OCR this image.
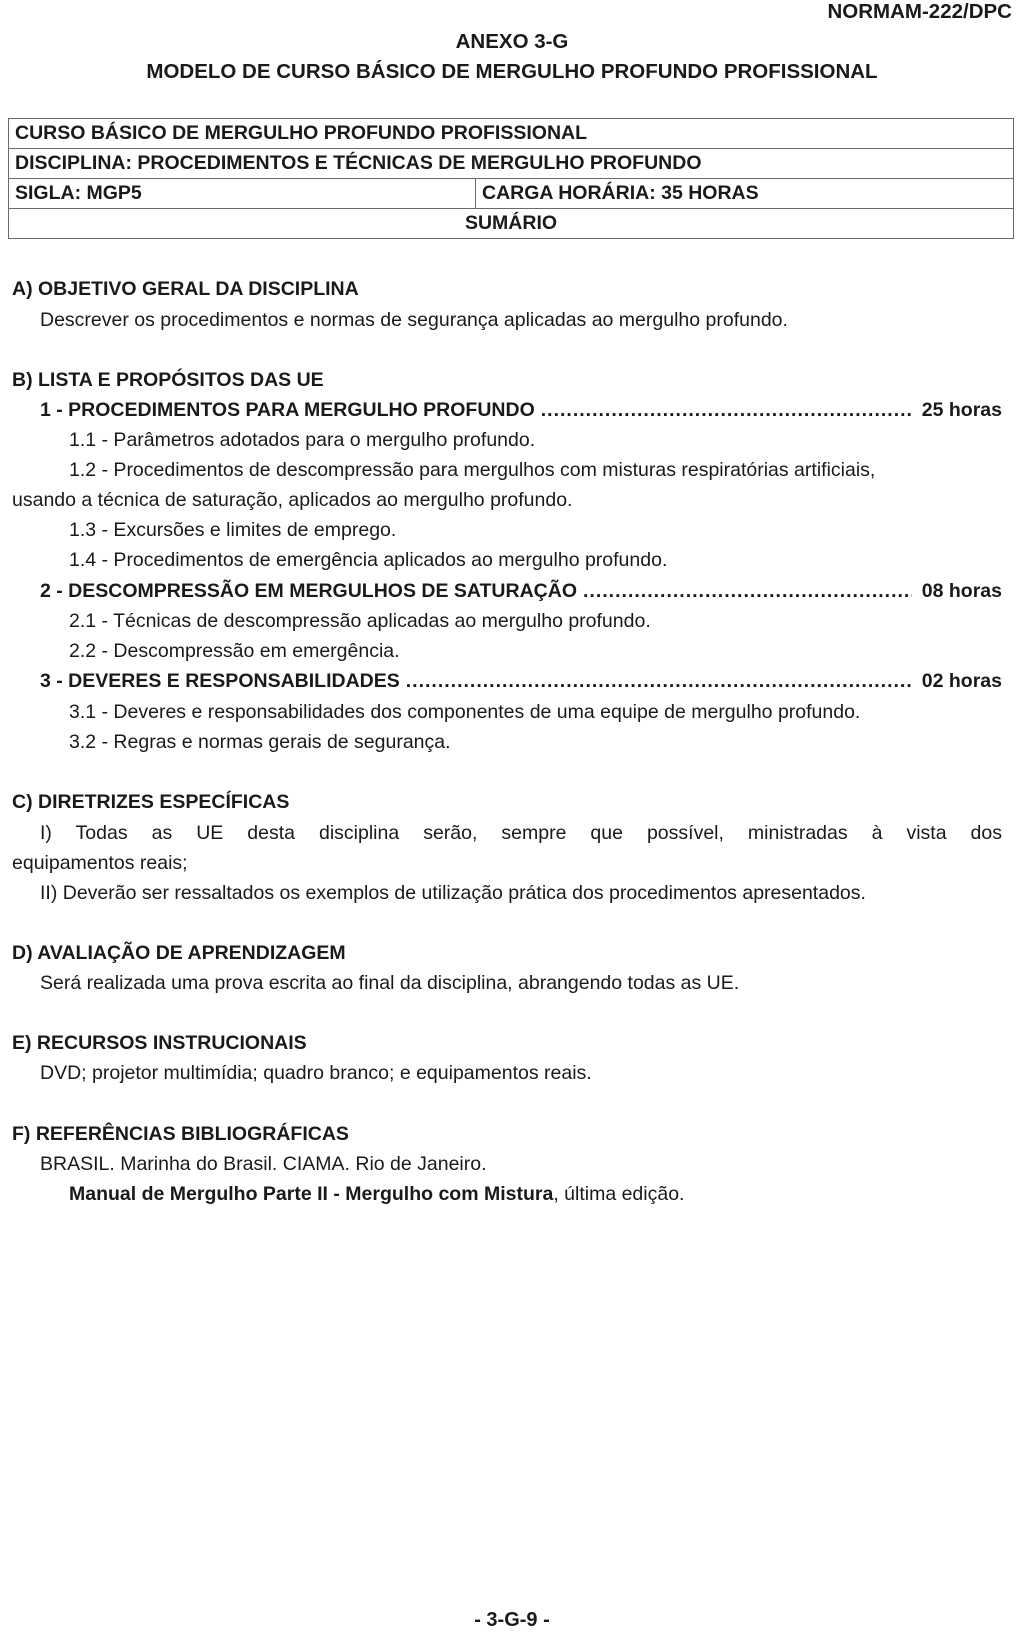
NORMAM-222/DPC
ANEXO 3-G
MODELO DE CURSO BÁSICO DE MERGULHO PROFUNDO PROFISSIONAL
CURSO BÁSICO DE MERGULHO PROFUNDO PROFISSIONAL
DISCIPLINA: PROCEDIMENTOS E TÉCNICAS DE MERGULHO PROFUNDO
SIGLA: MGP5	CARGA HORÁRIA: 35 HORAS
SUMÁRIO
A) OBJETIVO GERAL DA DISCIPLINA
Descrever os procedimentos e normas de segurança aplicadas ao mergulho profundo.
B) LISTA E PROPÓSITOS DAS UE
1 - PROCEDIMENTOS PARA MERGULHO PROFUNDO .....	25 horas
1.1 - Parâmetros adotados para o mergulho profundo.
1.2 - Procedimentos de descompressão para mergulhos com misturas respiratórias artificiais,
usando a técnica de saturação, aplicados ao mergulho profundo.
1.3 - Excursões e limites de emprego.
1.4 - Procedimentos de emergência aplicados ao mergulho profundo.
2 - DESCOMPRESSÃO EM MERGULHOS DE SATURAÇÃO .....	08 horas
2.1 - Técnicas de descompressão aplicadas ao mergulho profundo.
2.2 - Descompressão em emergência.
3 - DEVERES E RESPONSABILIDADES .....	02 horas
3.1 - Deveres e responsabilidades dos componentes de uma equipe de mergulho profundo.
3.2 - Regras e normas gerais de segurança.
C) DIRETRIZES ESPECÍFICAS
I) Todas as UE desta disciplina serão, sempre que possível, ministradas à vista dos
equipamentos reais;
II) Deverão ser ressaltados os exemplos de utilização prática dos procedimentos apresentados.
D) AVALIAÇÃO DE APRENDIZAGEM
Será realizada uma prova escrita ao final da disciplina, abrangendo todas as UE.
E) RECURSOS INSTRUCIONAIS
DVD; projetor multimídia; quadro branco; e equipamentos reais.
F) REFERÊNCIAS BIBLIOGRÁFICAS
BRASIL. Marinha do Brasil. CIAMA. Rio de Janeiro.
Manual de Mergulho Parte II - Mergulho com Mistura, última edição.
- 3-G-9 -
